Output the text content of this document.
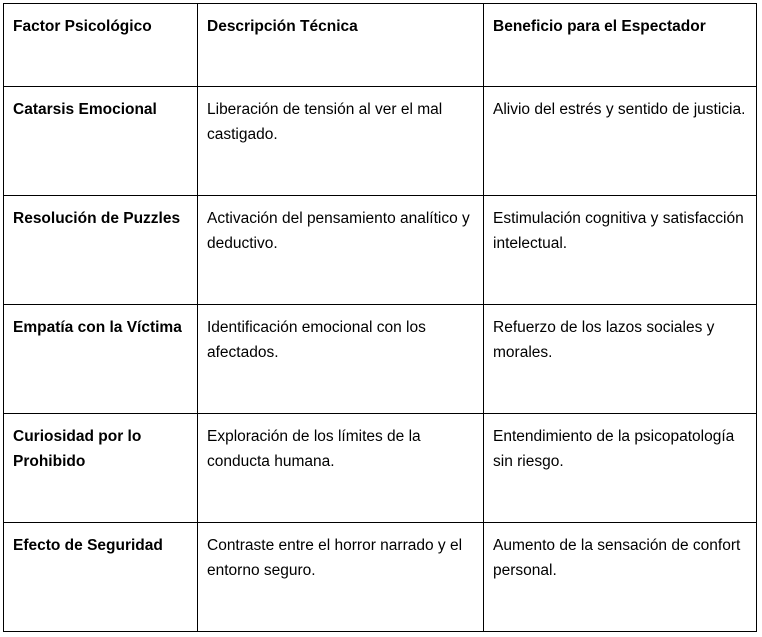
Factor Psicológico	Descripción Técnica	Beneficio para el Espectador
Catarsis Emocional	Liberación de tensión al ver el mal castigado.	Alivio del estrés y sentido de justicia.
Resolución de Puzzles	Activación del pensamiento analítico y deductivo.	Estimulación cognitiva y satisfacción intelectual.
Empatía con la Víctima	Identificación emocional con los afectados.	Refuerzo de los lazos sociales y morales.
Curiosidad por lo Prohibido	Exploración de los límites de la conducta humana.	Entendimiento de la psicopatología sin riesgo.
Efecto de Seguridad	Contraste entre el horror narrado y el entorno seguro.	Aumento de la sensación de confort personal.
